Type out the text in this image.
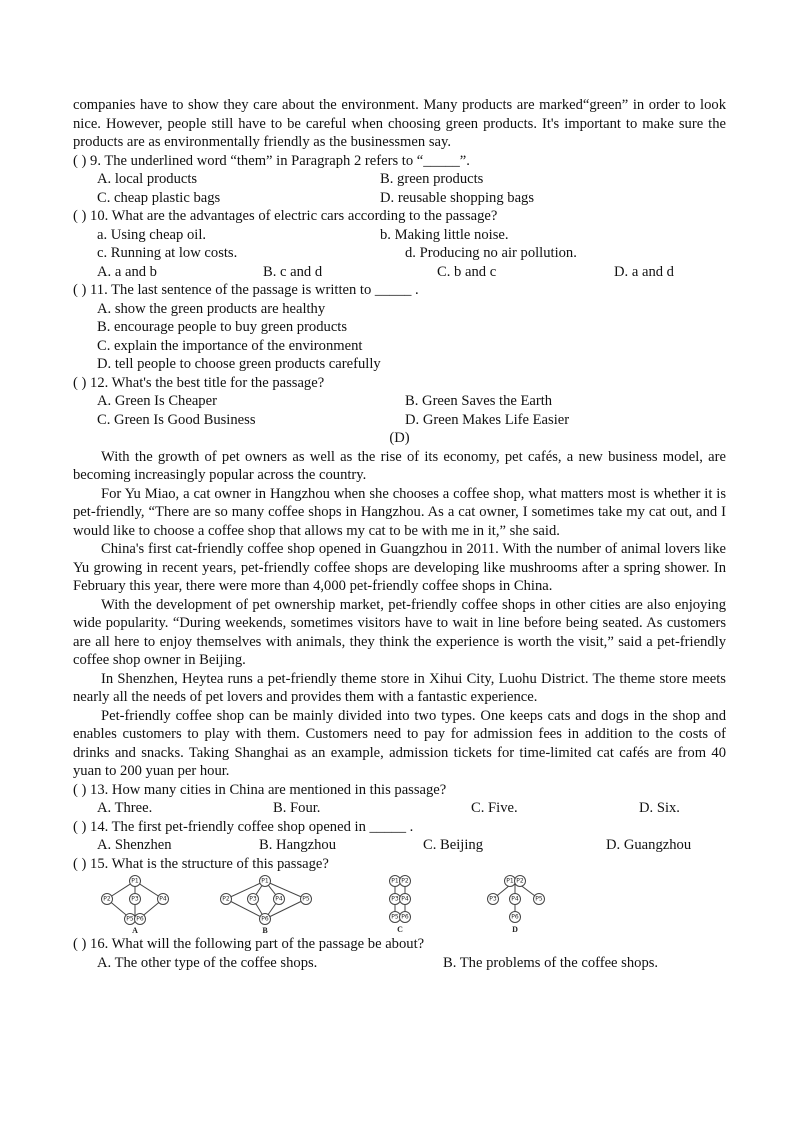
companies have to show they care about the environment. Many products are marked“green” in order to look nice. However, people still have to be careful when choosing green products. It's important to make sure the products are as environmentally friendly as the businessmen say.
( ) 9. The underlined word “them” in Paragraph 2 refers to “_____”.
A. local products	B. green products
C. cheap plastic bags	D. reusable shopping bags
( ) 10. What are the advantages of electric cars according to the passage?
a. Using cheap oil.	b. Making little noise.
c. Running at low costs.	d. Producing no air pollution.
A. a and b	B. c and d	C. b and c	D. a and d
( ) 11. The last sentence of the passage is written to _____ .
A. show the green products are healthy
B. encourage people to buy green products
C. explain the importance of the environment
D. tell people to choose green products carefully
( ) 12. What's the best title for the passage?
A. Green Is Cheaper	B. Green Saves the Earth
C. Green Is Good Business	D. Green Makes Life Easier
(D)
With the growth of pet owners as well as the rise of its economy, pet cafés, a new business model, are becoming increasingly popular across the country.
For Yu Miao, a cat owner in Hangzhou when she chooses a coffee shop, what matters most is whether it is pet-friendly, “There are so many coffee shops in Hangzhou. As a cat owner, I sometimes take my cat out, and I would like to choose a coffee shop that allows my cat to be with me in it,” she said.
China's first cat-friendly coffee shop opened in Guangzhou in 2011. With the number of animal lovers like Yu growing in recent years, pet-friendly coffee shops are developing like mushrooms after a spring shower. In February this year, there were more than 4,000 pet-friendly coffee shops in China.
With the development of pet ownership market, pet-friendly coffee shops in other cities are also enjoying wide popularity. “During weekends, sometimes visitors have to wait in line before being seated. As customers are all here to enjoy themselves with animals, they think the experience is worth the visit,” said a pet-friendly coffee shop owner in Beijing.
In Shenzhen, Heytea runs a pet-friendly theme store in Xihui City, Luohu District. The theme store meets nearly all the needs of pet lovers and provides them with a fantastic experience.
Pet-friendly coffee shop can be mainly divided into two types. One keeps cats and dogs in the shop and enables customers to play with them. Customers need to pay for admission fees in addition to the costs of drinks and snacks. Taking Shanghai as an example, admission tickets for time-limited cat cafés are from 40 yuan to 200 yuan per hour.
( ) 13. How many cities in China are mentioned in this passage?
A. Three.	B. Four.	C. Five.	D. Six.
( ) 14. The first pet-friendly coffee shop opened in _____ .
A. Shenzhen	B. Hangzhou	C. Beijing	D. Guangzhou
( ) 15. What is the structure of this passage?
P1
P2	P3	P4
P5 P6
A
P1
P2	P3	P4	P5
P6
B
P1 P2
P3 P4
P5 P6
C
P1 P2
P3 P4	P5
P6
D
( ) 16. What will the following part of the passage be about?
A. The other type of the coffee shops.	B. The problems of the coffee shops.
